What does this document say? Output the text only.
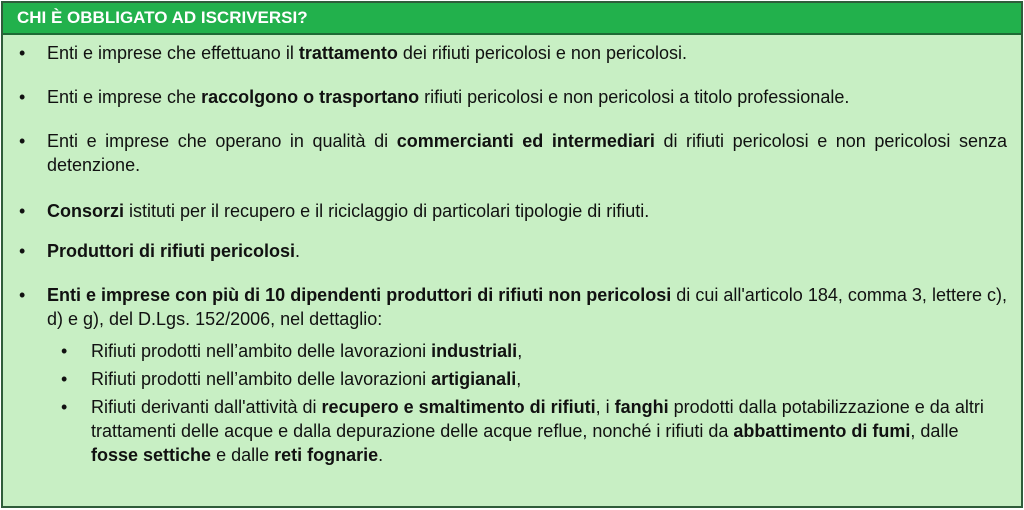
CHI È OBBLIGATO AD ISCRIVERSI?
• Enti e imprese che effettuano il trattamento dei rifiuti pericolosi e non pericolosi.
• Enti e imprese che raccolgono o trasportano rifiuti pericolosi e non pericolosi a titolo professionale.
• Enti e imprese che operano in qualità di commercianti ed intermediari di rifiuti pericolosi e non pericolosi senza detenzione.
• Consorzi istituti per il recupero e il riciclaggio di particolari tipologie di rifiuti.
• Produttori di rifiuti pericolosi.
• Enti e imprese con più di 10 dipendenti produttori di rifiuti non pericolosi di cui all'articolo 184, comma 3, lettere c), d) e g), del D.Lgs. 152/2006, nel dettaglio:
• Rifiuti prodotti nell’ambito delle lavorazioni industriali,
• Rifiuti prodotti nell’ambito delle lavorazioni artigianali,
• Rifiuti derivanti dall'attività di recupero e smaltimento di rifiuti, i fanghi prodotti dalla potabilizzazione e da altri trattamenti delle acque e dalla depurazione delle acque reflue, nonché i rifiuti da abbattimento di fumi, dalle fosse settiche e dalle reti fognarie.
